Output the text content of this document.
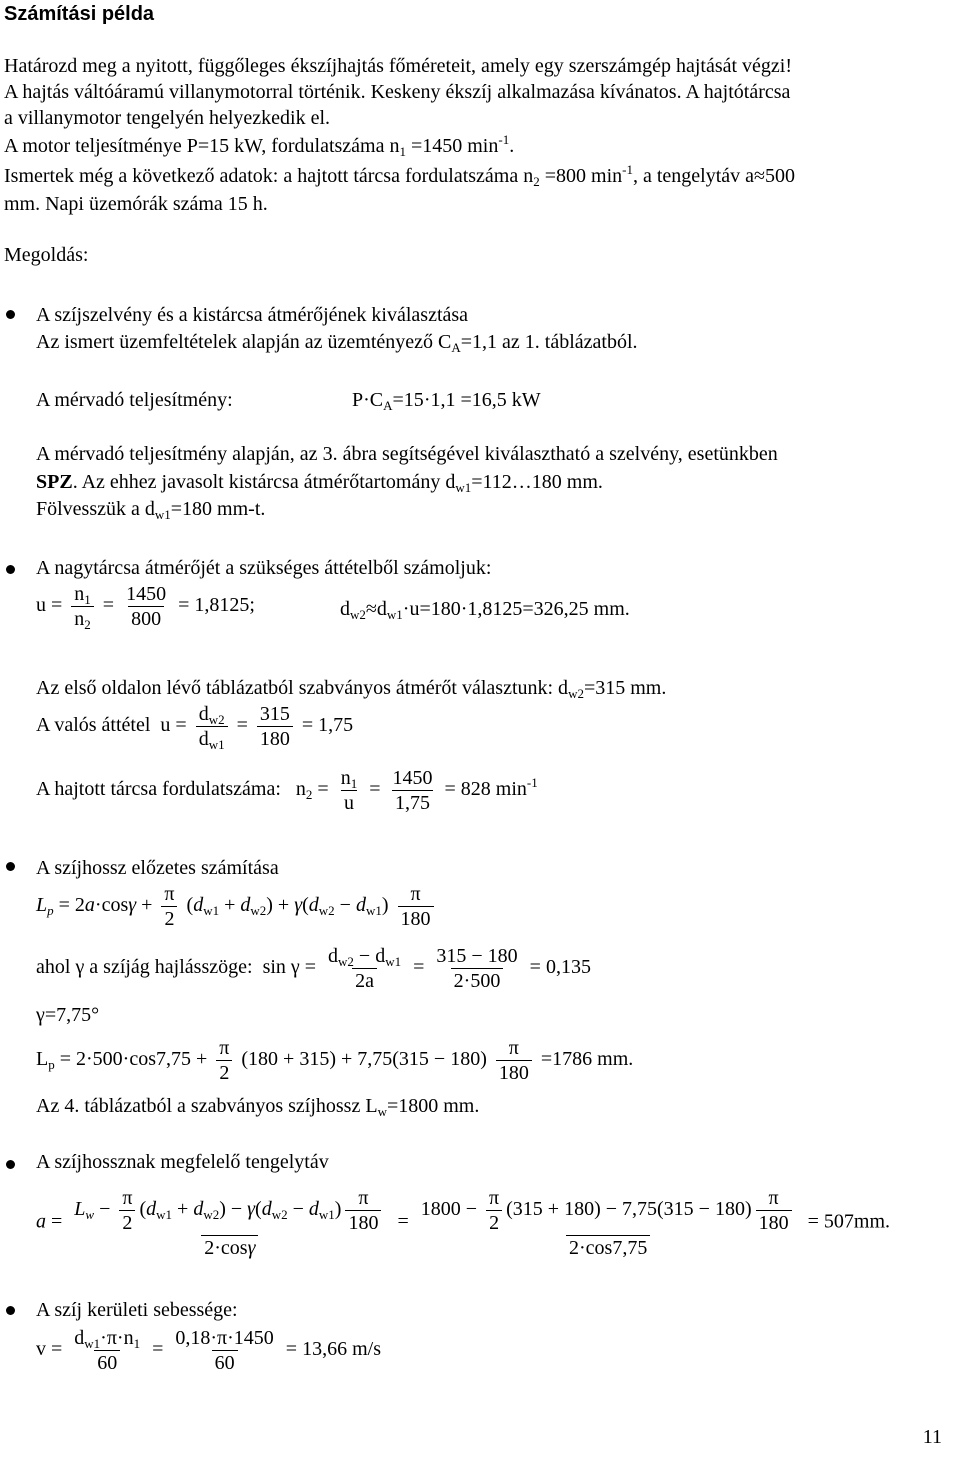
Számítási példa
Határozd meg a nyitott, függőleges ékszíjhajtás főméreteit, amely egy szerszámgép hajtását végzi!
A hajtás váltóáramú villanymotorral történik. Keskeny ékszíj alkalmazása kívánatos. A hajtótárcsa
a villanymotor tengelyén helyezkedik el.
A motor teljesítménye P=15 kW, fordulatszáma $n_1 =1450$ $\min^{-1}$.
Ismertek még a következő adatok: a hajtott tárcsa fordulatszáma $n_2 =800$ $\min^{-1}$, a tengelytáv a≈500
mm. Napi üzemórák száma 15 h.
Megoldás:
A szíjszelvény és a kistárcsa átmérőjének kiválasztása
Az ismert üzemfeltételek alapján az üzemtényező $C_A=1,1$ az 1. táblázatból.
A mérvadó teljesítmény:	$P\cdot C_A=15\cdot 1,1 =16,5$ kW
A mérvadó teljesítmény alapján, az 3. ábra segítségével kiválasztható a szelvény, esetünkben
SPZ. Az ehhez javasolt kistárcsa átmérőtartomány $d_{w1}=112\dots 180$ mm.
Fölvesszük a $d_{w1}=180$ mm-t.
A nagytárcsa átmérőjét a szükséges áttételből számoljuk:
$u = \frac{n_1}{n_2} = \frac{1450}{800} = 1,8125$;	$d_{w2}\approx d_{w1}\cdot u=180\cdot 1,8125=326,25$ mm.
Az első oldalon lévő táblázatból szabványos átmérőt választunk: $d_{w2}=315$ mm.
A valós áttétel  $u = \frac{d_{w2}}{d_{w1}} = \frac{315}{180} = 1,75$
A hajtott tárcsa fordulatszáma:   $n_2 = \frac{n_1}{u} = \frac{1450}{1,75} = 828$ $\min^{-1}$
A szíjhossz előzetes számítása
$L_p = 2a\cdot\cos\gamma + \frac{\pi}{2} (d_{w1} + d_{w2}) + \gamma(d_{w2} - d_{w1}) \frac{\pi}{180}$
ahol γ a szíjág hajlásszöge:  $\sin \gamma = \frac{d_{w2} - d_{w1}}{2a} = \frac{315 - 180}{2\cdot 500} = 0,135$
γ=7,75°
$L_p = 2\cdot 500\cdot\cos 7,75 + \frac{\pi}{2} (180 + 315) + 7,75(315 - 180) \frac{\pi}{180} =1786$ mm.
Az 4. táblázatból a szabványos szíjhossz $L_w=1800$ mm.
A szíjhossznak megfelelő tengelytáv
$a = \frac{L_w - \frac{\pi}{2} (d_{w1} + d_{w2}) - \gamma(d_{w2} - d_{w1}) \frac{\pi}{180}}{2\cdot\cos\gamma} = \frac{1800 - \frac{\pi}{2} (315 + 180) - 7,75(315 - 180) \frac{\pi}{180}}{2\cdot\cos 7,75} = 507mm$.
A szíj kerületi sebessége:
$v = \frac{d_{w1}\cdot\pi\cdot n_1}{60} = \frac{0,18\cdot\pi\cdot 1450}{60} = 13,66$ m/s
11
